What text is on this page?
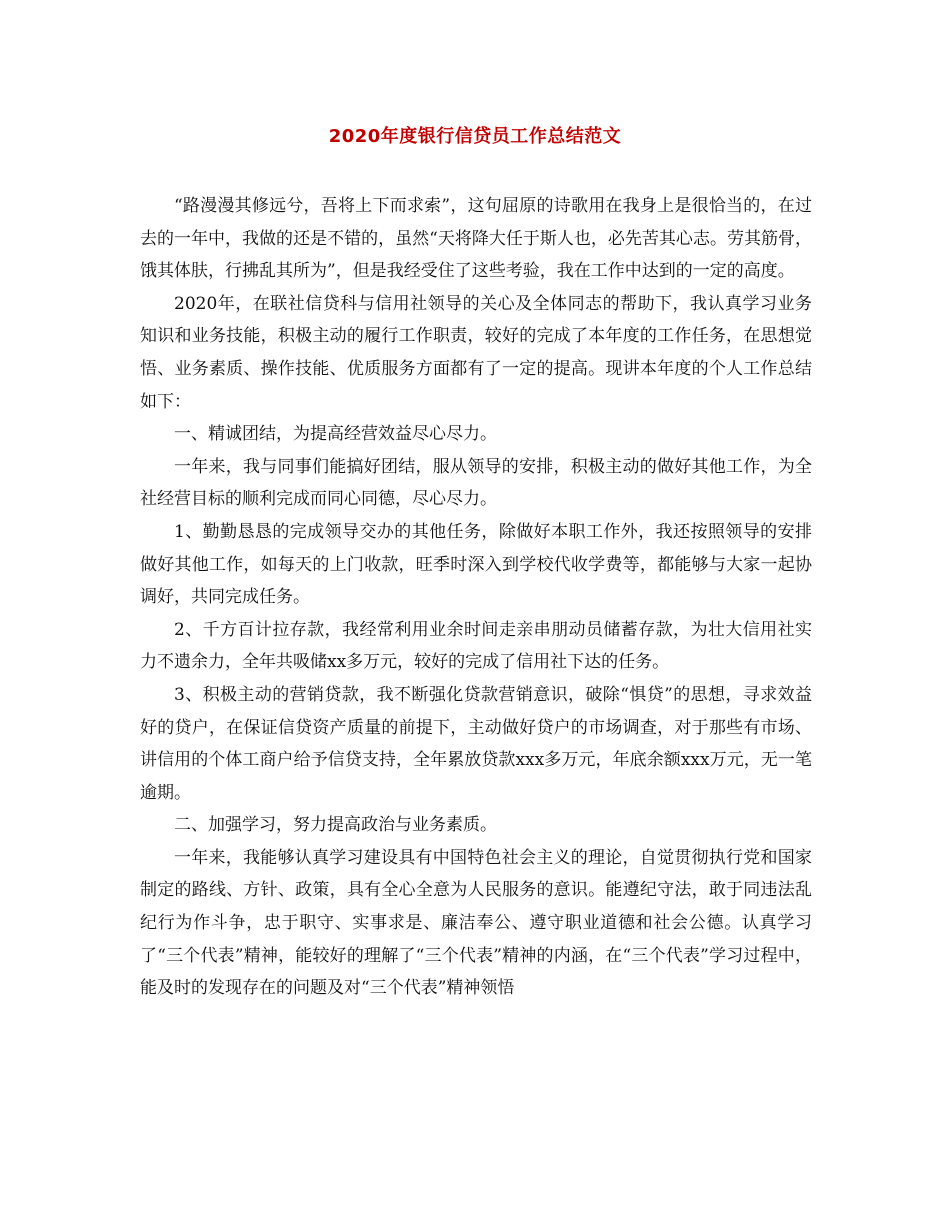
2020年度银行信贷员工作总结范文

“路漫漫其修远兮，吾将上下而求索”，这句屈原的诗歌用在我身上是很恰当的，在过去的一年中，我做的还是不错的，虽然“天将降大任于斯人也，必先苦其心志。劳其筋骨，饿其体肤，行拂乱其所为”，但是我经受住了这些考验，我在工作中达到的一定的高度。

2020年，在联社信贷科与信用社领导的关心及全体同志的帮助下，我认真学习业务知识和业务技能，积极主动的履行工作职责，较好的完成了本年度的工作任务，在思想觉悟、业务素质、操作技能、优质服务方面都有了一定的提高。现讲本年度的个人工作总结如下：

一、精诚团结，为提高经营效益尽心尽力。

一年来，我与同事们能搞好团结，服从领导的安排，积极主动的做好其他工作，为全社经营目标的顺利完成而同心同德，尽心尽力。

1、勤勤恳恳的完成领导交办的其他任务，除做好本职工作外，我还按照领导的安排做好其他工作，如每天的上门收款，旺季时深入到学校代收学费等，都能够与大家一起协调好，共同完成任务。

2、千方百计拉存款，我经常利用业余时间走亲串朋动员储蓄存款，为壮大信用社实力不遗余力，全年共吸储xx多万元，较好的完成了信用社下达的任务。

3、积极主动的营销贷款，我不断强化贷款营销意识，破除“惧贷”的思想，寻求效益好的贷户，在保证信贷资产质量的前提下，主动做好贷户的市场调查，对于那些有市场、讲信用的个体工商户给予信贷支持，全年累放贷款xxx多万元，年底余额xxx万元，无一笔逾期。

二、加强学习，努力提高政治与业务素质。

一年来，我能够认真学习建设具有中国特色社会主义的理论，自觉贯彻执行党和国家制定的路线、方针、政策，具有全心全意为人民服务的意识。能遵纪守法，敢于同违法乱纪行为作斗争，忠于职守、实事求是、廉洁奉公、遵守职业道德和社会公德。认真学习了“三个代表”精神，能较好的理解了“三个代表”精神的内涵，在“三个代表”学习过程中，能及时的发现存在的问题及对“三个代表”精神领悟
